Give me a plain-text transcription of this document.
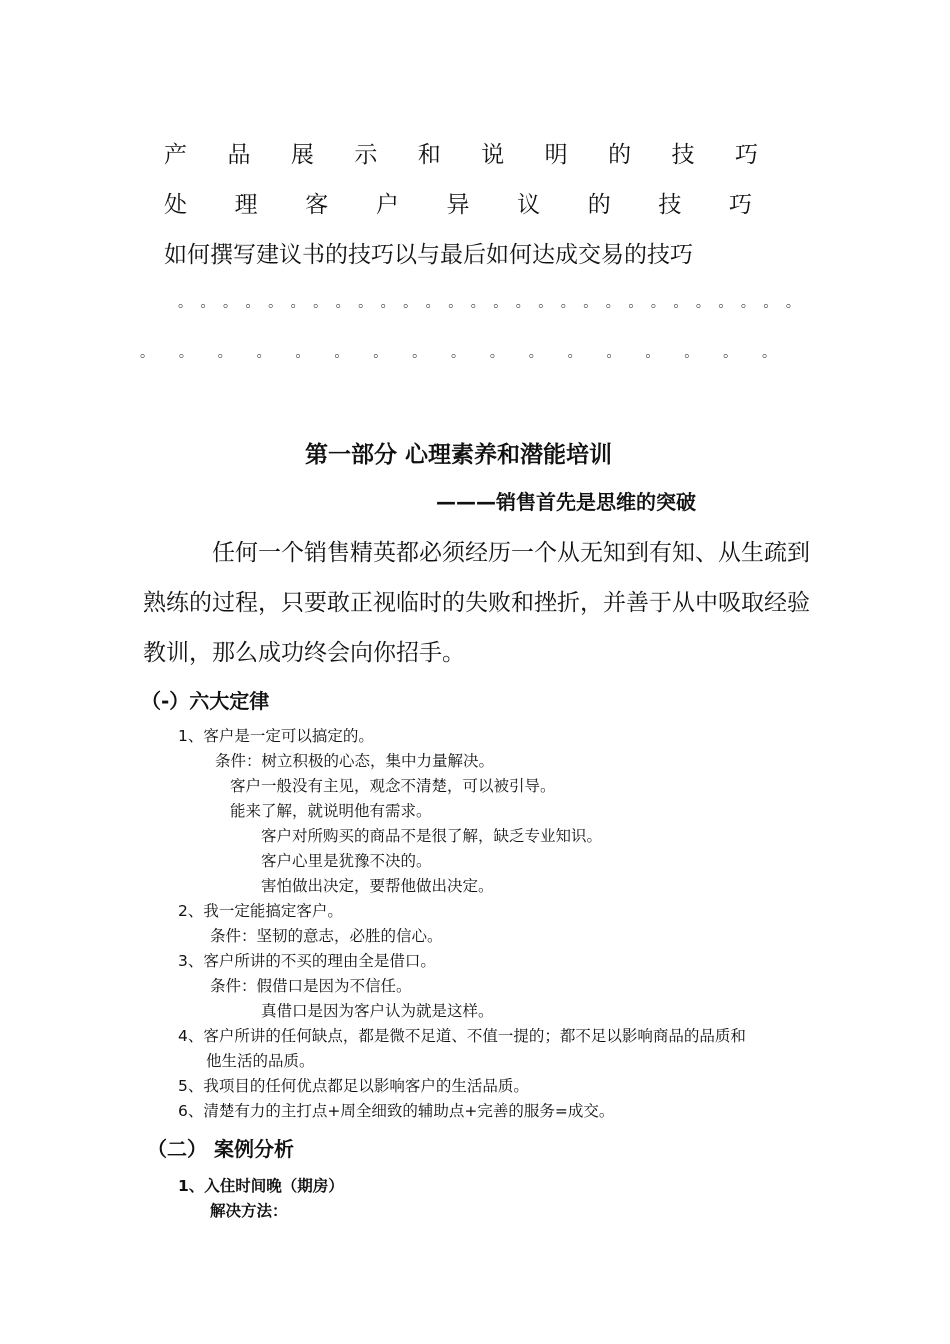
产 品 展 示 和 说 明 的 技 巧
处 理 客 户 异 议 的 技 巧
如何撰写建议书的技巧以与最后如何达成交易的技巧
。 。 。 。 。 。 。 。 。 。 。 。 。 。 。 。 。 。 。 。 。 。 。 。 。 。 。 。
。 。 。 。 。 。 。 。 。 。 。 。 。 。 。 。 。
第一部分 心理素养和潜能培训
———销售首先是思维的突破
任何一个销售精英都必须经历一个从无知到有知、从生疏到
熟练的过程，只要敢正视临时的失败和挫折，并善于从中吸取经验
教训，那么成功终会向你招手。
（-）六大定律
1、客户是一定可以搞定的。
条件：树立积极的心态，集中力量解决。
客户一般没有主见，观念不清楚，可以被引导。
能来了解，就说明他有需求。
客户对所购买的商品不是很了解，缺乏专业知识。
客户心里是犹豫不决的。
害怕做出决定，要帮他做出决定。
2、我一定能搞定客户。
条件：坚韧的意志，必胜的信心。
3、客户所讲的不买的理由全是借口。
条件：假借口是因为不信任。
真借口是因为客户认为就是这样。
4、客户所讲的任何缺点，都是微不足道、不值一提的；都不足以影响商品的品质和
他生活的品质。
5、我项目的任何优点都足以影响客户的生活品质。
6、清楚有力的主打点+周全细致的辅助点+完善的服务=成交。
（二） 案例分析
1、入住时间晚（期房）
解决方法：
